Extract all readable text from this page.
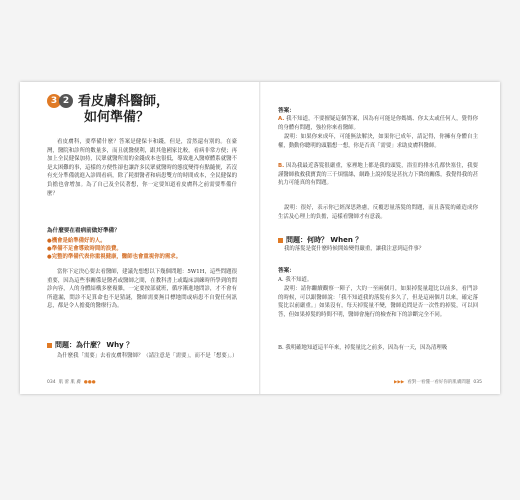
3 2 看皮膚科醫師，
如何準備？

看皮膚科，要準備什麼？答案是健保卡和錢，但是，當然還有別的。在臺灣，醫院和診所的數量多，而且就醫便利，跟其他國家比較，看病非常方便；再加上全民健保加持，民眾就醫所需的金錢成本也很低，導致進入醫療體系就醫不是太困難的事，這樣的方便性卻也讓許多民眾就醫時的態度變得有點隨便，若沒有充分準備就進入診間看病，除了耗損醫者和病患雙方的時間成本，全民健保的負擔也會增加。為了自己及全民著想，你一定要知道看皮膚科之前需要準備什麼？

為什麼要在看病前做好準備？
●機會是給準備好的人。
●準備不足會導致時間的浪費。
●完整的準備代表你重視健康，醫師也會重視你的需求。

當你下定決心要去看醫師，建議先想想以下幾個問題：5W1H，這些問題很重要，因為這些事關係是醫者或醫師之間，在教科書上或臨床訓練時所學到的問診內容，人的身體結構多麼複雜，一定要按部就班，循序漸進地問診，才不會有所遺漏，問診不足算命也不是猜謎，醫師需要無目標地問或病患不自覺任何訊息，都是令人擔憂的醫療行為。

問題：為什麼？ Why ？

為什麼我「需要」去看皮膚科醫師？（請注意是「需要」，而不是「想要」。）

034 肌 蕾 肌 膚 ●●●
答案：

A. 我不知道，不要擅疑這個答案，因為有可能是你媽媽、你太太或任何人，覺得你的身體有問題，強拉你來看醫師。

說明：如果你來成年，可能無法解決，如果你已成年，請記得，你擁有身體自主權，動動你聰明的頭腦想一想，你是否真「需要」求助皮膚科醫師。

B. 因為我最近落髮很嚴重，家裡地上都是我的頭髮，浴室的排水孔都快塞住，我要謹醫師救救我寶貴的三千煩惱絲，網路上說掉髮是甚抗力下降的關係，我覺得我的甚抗力可能真的有問題。

說明：很好，表示你已經深思熟慮，反覆思量落髮的問題，而且落髮的確造成你生活及心理上的負擔，這樣看醫師才有意義。

問題：何時？ When ？

我的落髮是從什麼時候開始變得嚴重，讓我注意到這件事？

答案：

A. 我不知道。

說明：請你繼續觀察一陣子，大約一至兩個月，如果掉髮量超比以前多，看門診的時候，可以跟醫師說：「我不知道我的落髮有多久了，但是這兩個月以來，確定落髮比以前嚴重。」如果沒有，每天掉髮量不變，醫師追問是否一次性的掉髮，可以回答，但如果掉髮的時間不明，醫師會施行的檢查和下的診斷完全不同。

B. 我明確地知道這半年來，掉髮量比之前多，因為有一天，因為清理吸

▶▶▶ 看對一看懂一看好你的肌膚問題 035
